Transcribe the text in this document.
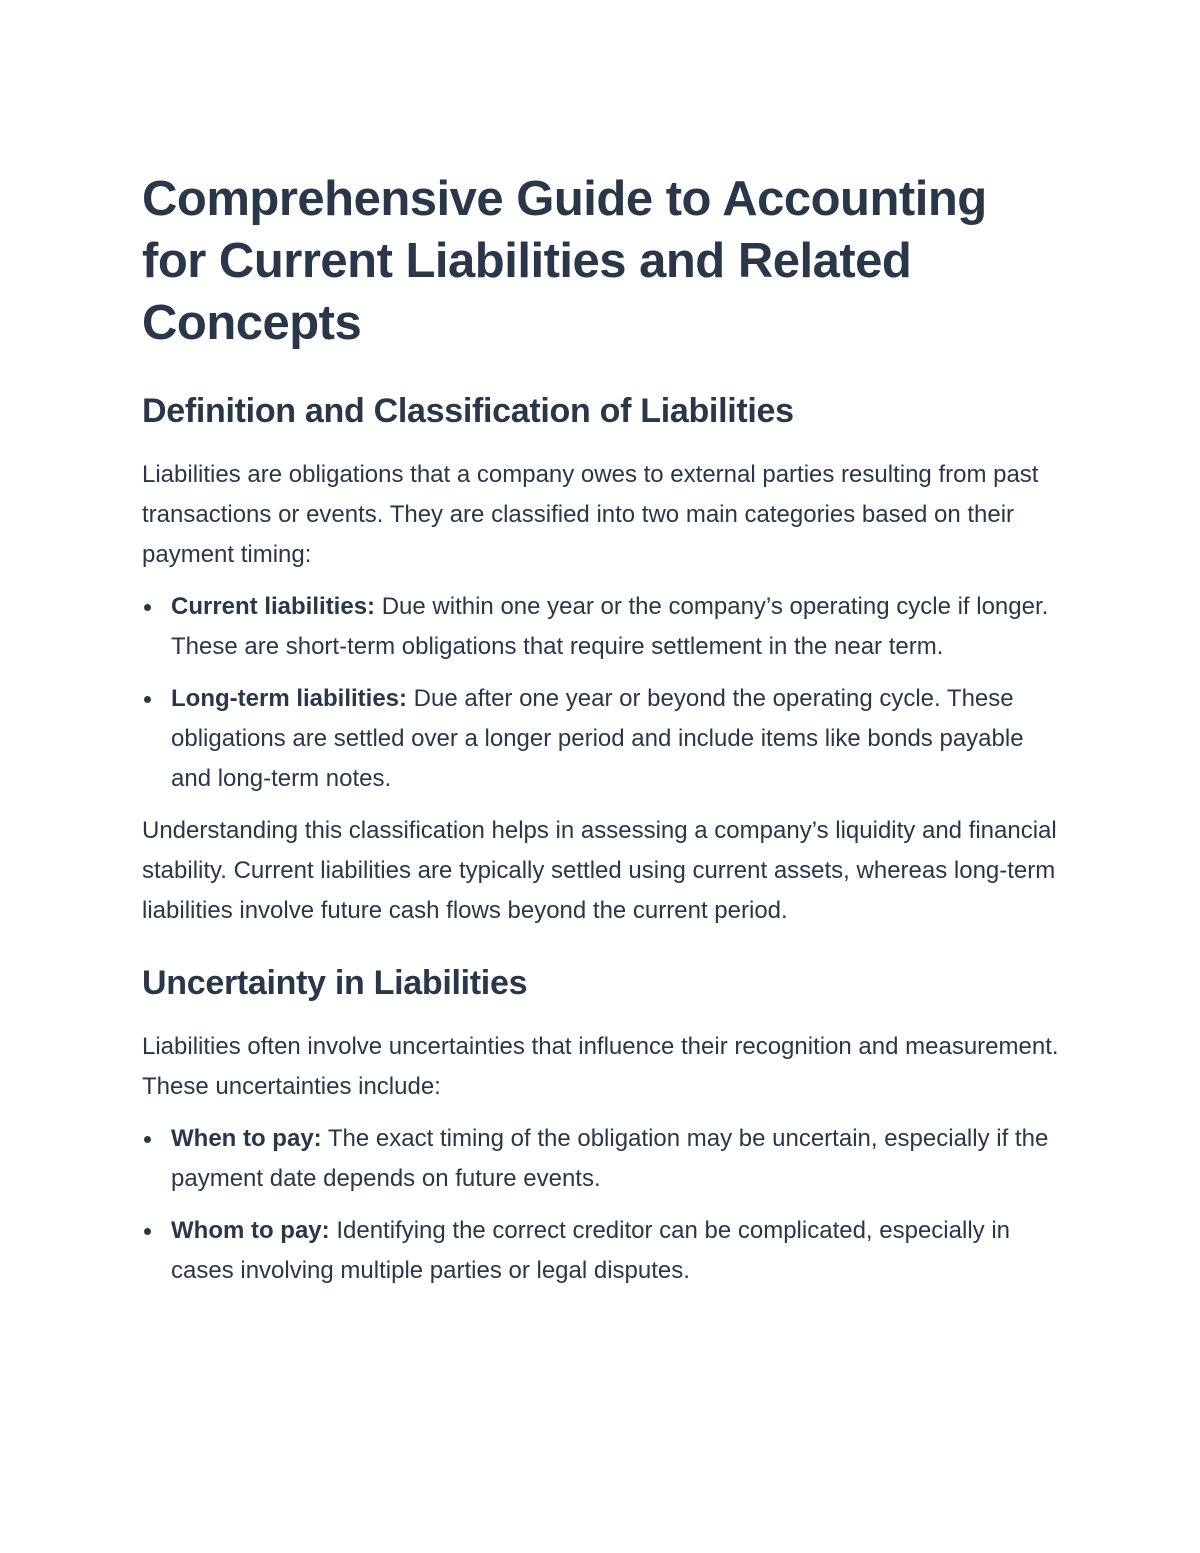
Comprehensive Guide to Accounting for Current Liabilities and Related Concepts
Definition and Classification of Liabilities

Liabilities are obligations that a company owes to external parties resulting from past transactions or events. They are classified into two main categories based on their payment timing:

Current liabilities: Due within one year or the company’s operating cycle if longer. These are short-term obligations that require settlement in the near term.
Long-term liabilities: Due after one year or beyond the operating cycle. These obligations are settled over a longer period and include items like bonds payable and long-term notes.

Understanding this classification helps in assessing a company’s liquidity and financial stability. Current liabilities are typically settled using current assets, whereas long-term liabilities involve future cash flows beyond the current period.

Uncertainty in Liabilities

Liabilities often involve uncertainties that influence their recognition and measurement. These uncertainties include:

When to pay: The exact timing of the obligation may be uncertain, especially if the payment date depends on future events.
Whom to pay: Identifying the correct creditor can be complicated, especially in cases involving multiple parties or legal disputes.
